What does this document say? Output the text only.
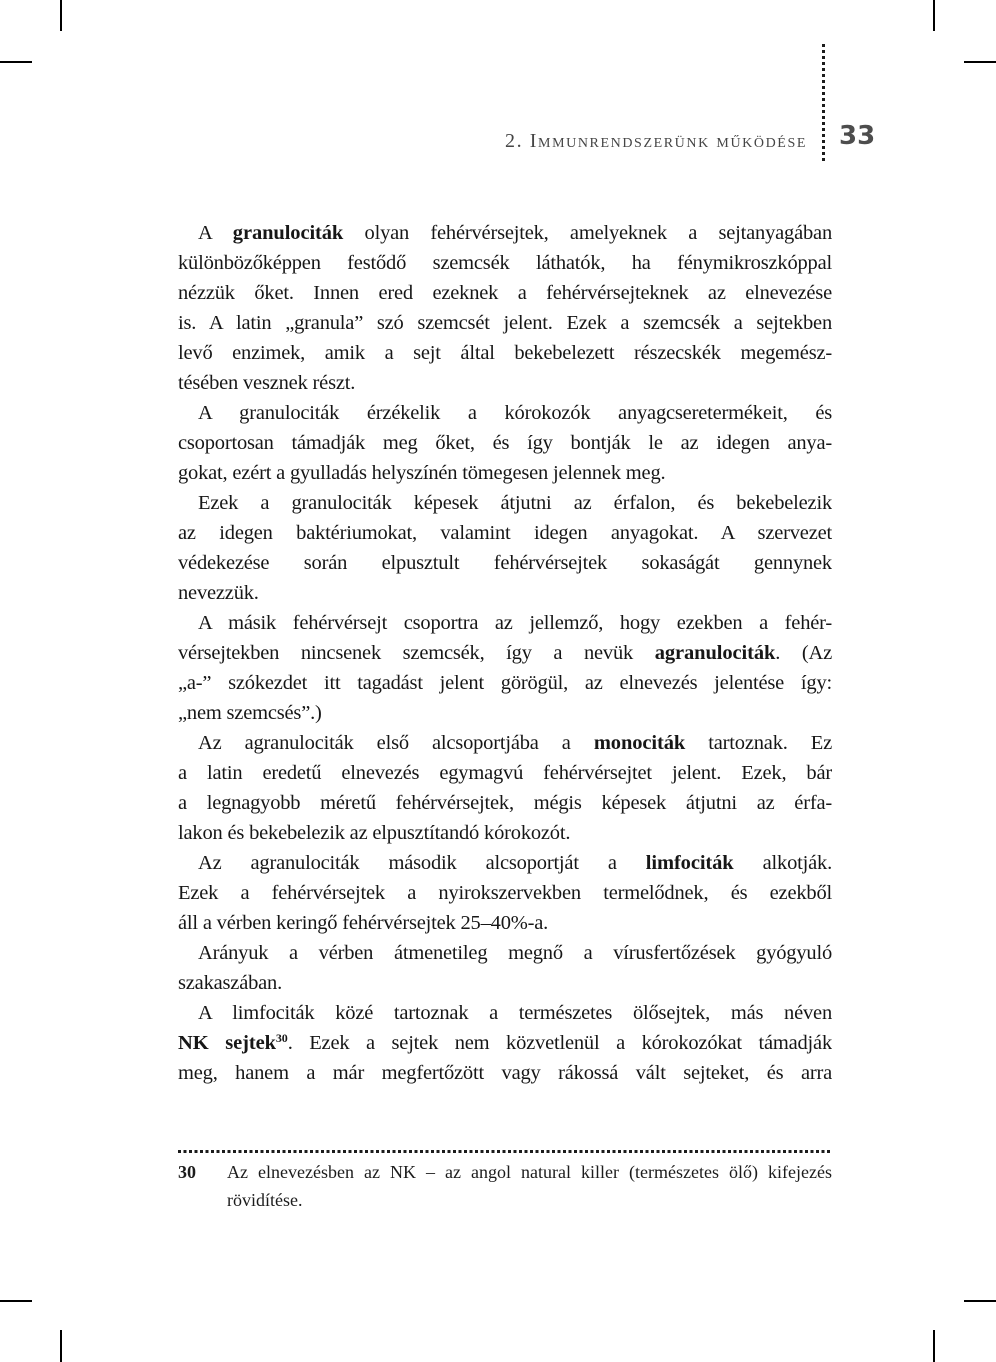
2. Immunrendszerünk működése 33
A granulociták olyan fehérvérsejtek, amelyeknek a sejtanyagában
különbözőképpen festődő szemcsék láthatók, ha fénymikroszkóppal
nézzük őket. Innen ered ezeknek a fehérvérsejteknek az elnevezése
is. A latin „granula” szó szemcsét jelent. Ezek a szemcsék a sejtekben
levő enzimek, amik a sejt által bekebelezett részecskék megemész-
tésében vesznek részt.
A granulociták érzékelik a kórokozók anyagcseretermékeit, és
csoportosan támadják meg őket, és így bontják le az idegen anya-
gokat, ezért a gyulladás helyszínén tömegesen jelennek meg.
Ezek a granulociták képesek átjutni az érfalon, és bekebelezik
az idegen baktériumokat, valamint idegen anyagokat. A szervezet
védekezése során elpusztult fehérvérsejtek sokaságát gennynek
nevezzük.
A másik fehérvérsejt csoportra az jellemző, hogy ezekben a fehér-
vérsejtekben nincsenek szemcsék, így a nevük agranulociták. (Az
„a-” szókezdet itt tagadást jelent görögül, az elnevezés jelentése így:
„nem szemcsés”.)
Az agranulociták első alcsoportjába a monociták tartoznak. Ez
a latin eredetű elnevezés egymagvú fehérvérsejtet jelent. Ezek, bár
a legnagyobb méretű fehérvérsejtek, mégis képesek átjutni az érfa-
lakon és bekebelezik az elpusztítandó kórokozót.
Az agranulociták második alcsoportját a limfociták alkotják.
Ezek a fehérvérsejtek a nyirokszervekben termelődnek, és ezekből
áll a vérben keringő fehérvérsejtek 25–40%-a.
Arányuk a vérben átmenetileg megnő a vírusfertőzések gyógyuló
szakaszában.
A limfociták közé tartoznak a természetes ölősejtek, más néven
NK sejtek$^{30}$. Ezek a sejtek nem közvetlenül a kórokozókat támadják
meg, hanem a már megfertőzött vagy rákossá vált sejteket, és arra
30	Az elnevezésben az NK – az angol natural killer (természetes ölő) kifejezés
rövidítése.
